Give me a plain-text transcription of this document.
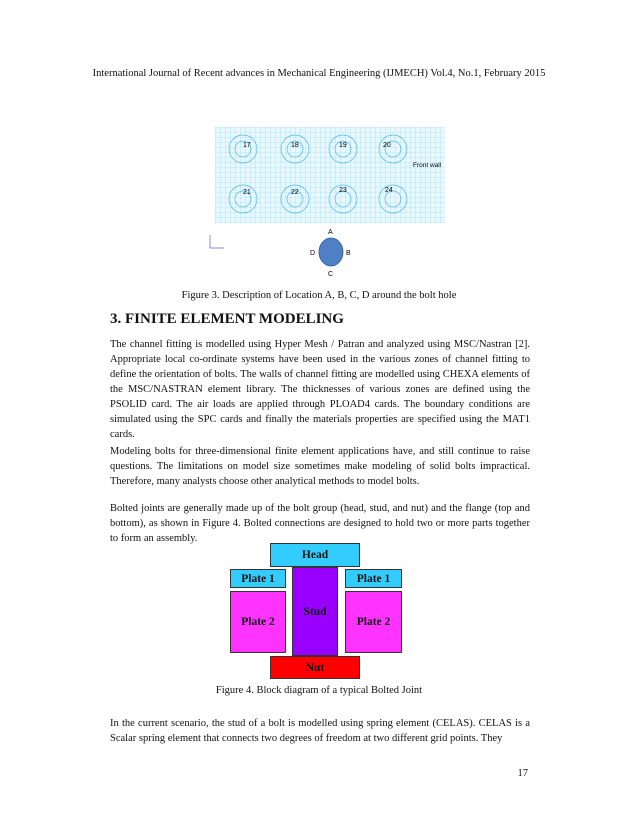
International Journal of Recent advances in Mechanical Engineering (IJMECH) Vol.4, No.1, February 2015
17	18	19	20
Front wall
21	22	23	24
A
B
C
D
Figure 3. Description of Location A, B, C, D around the bolt hole
3. FINITE ELEMENT MODELING

The channel fitting is modelled using Hyper Mesh / Patran and analyzed using MSC/Nastran [2]. Appropriate local co-ordinate systems have been used in the various zones of channel fitting to define the orientation of bolts. The walls of channel fitting are modelled using CHEXA elements of the MSC/NASTRAN element library. The thicknesses of various zones are defined using the PSOLID card. The air loads are applied through PLOAD4 cards. The boundary conditions are simulated using the SPC cards and finally the materials properties are specified using the MAT1 cards.

Modeling bolts for three-dimensional finite element applications have, and still continue to raise questions. The limitations on model size sometimes make modeling of solid bolts impractical. Therefore, many analysts choose other analytical methods to model bolts.

Bolted joints are generally made up of the bolt group (head, stud, and nut) and the flange (top and bottom), as shown in Figure 4. Bolted connections are designed to hold two or more parts together to form an assembly.

Head
Plate 1	Plate 1
Stud
Plate 2	Plate 2
Nut
Figure 4. Block diagram of a typical Bolted Joint

In the current scenario, the stud of a bolt is modelled using spring element (CELAS). CELAS is a Scalar spring element that connects two degrees of freedom at two different grid points. They

17
